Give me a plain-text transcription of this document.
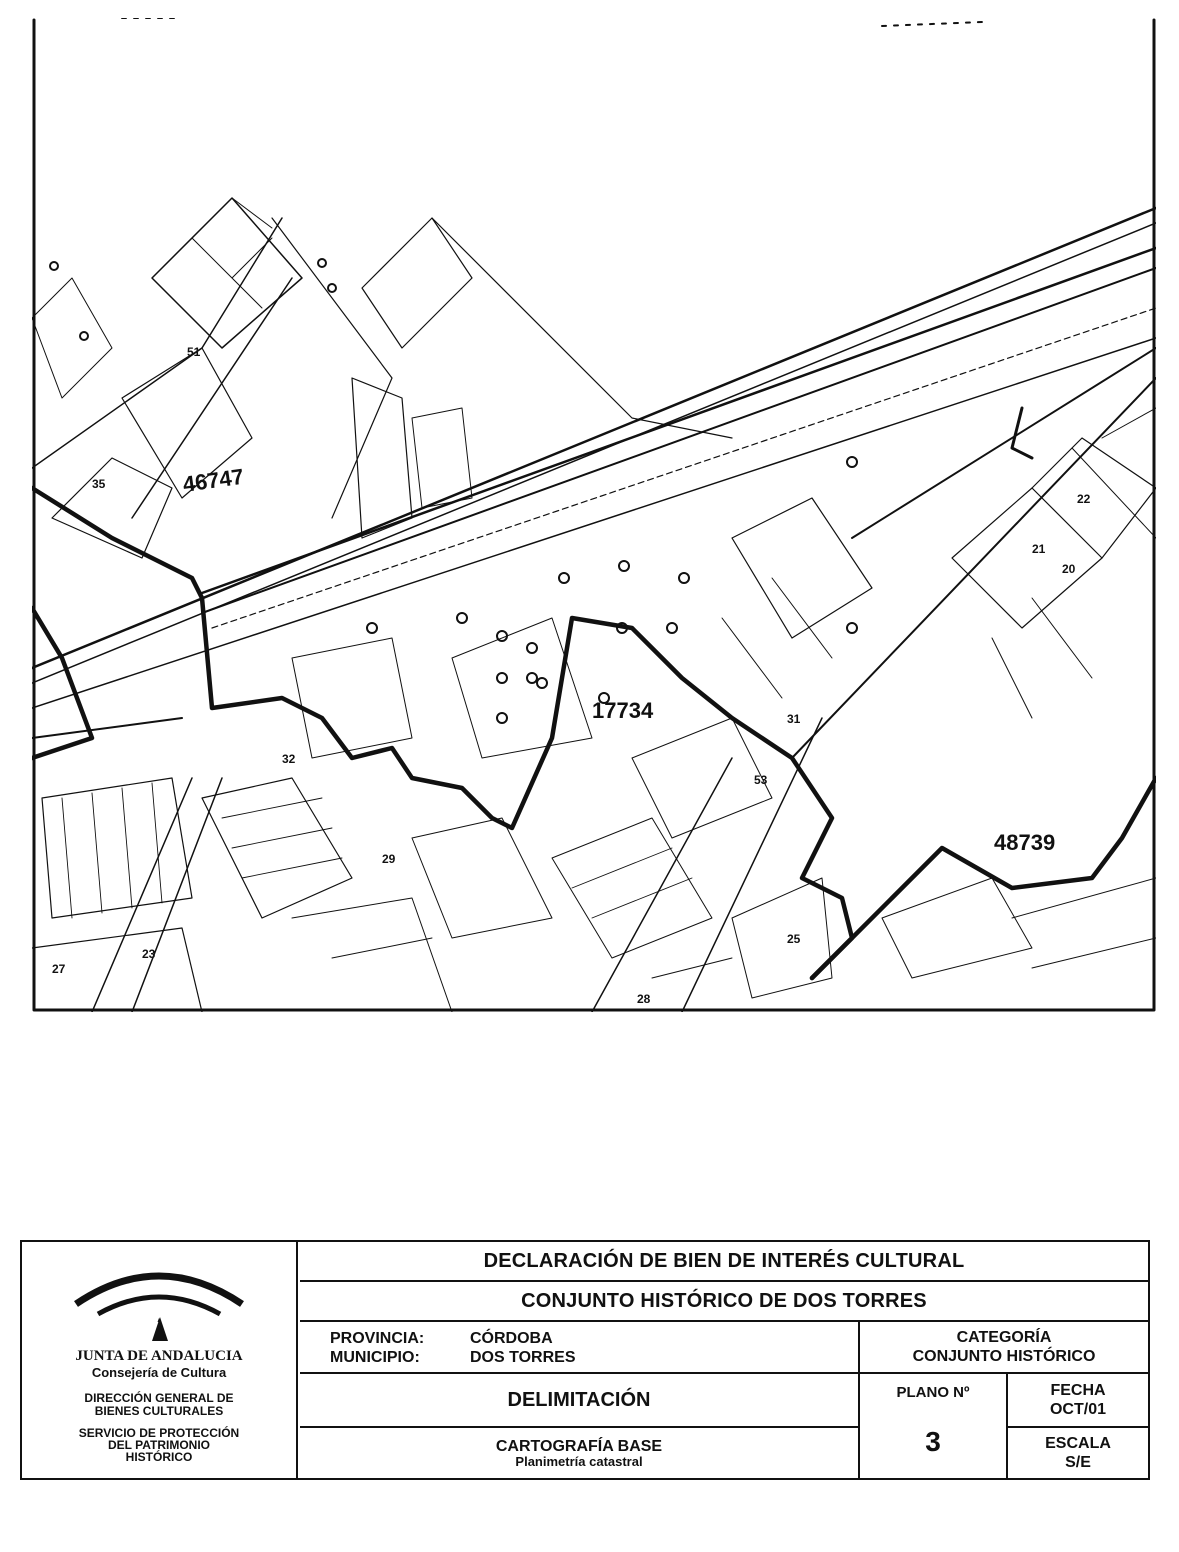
46747
17734
48739
22
21
20
51
53
35
31
32
25
23
28
29
27
JUNTA DE ANDALUCIA
Consejería de Cultura
DIRECCIÓN GENERAL DE
BIENES CULTURALES
SERVICIO DE PROTECCIÓN
DEL PATRIMONIO
HISTÓRICO
DECLARACIÓN DE BIEN DE INTERÉS CULTURAL
CONJUNTO HISTÓRICO DE DOS TORRES
PROVINCIA:	CÓRDOBA
MUNICIPIO:	DOS TORRES
CATEGORÍA
CONJUNTO HISTÓRICO
DELIMITACIÓN	PLANO Nº
3
FECHA
OCT/01
CARTOGRAFÍA BASE
Planimetría catastral
ESCALA
S/E
